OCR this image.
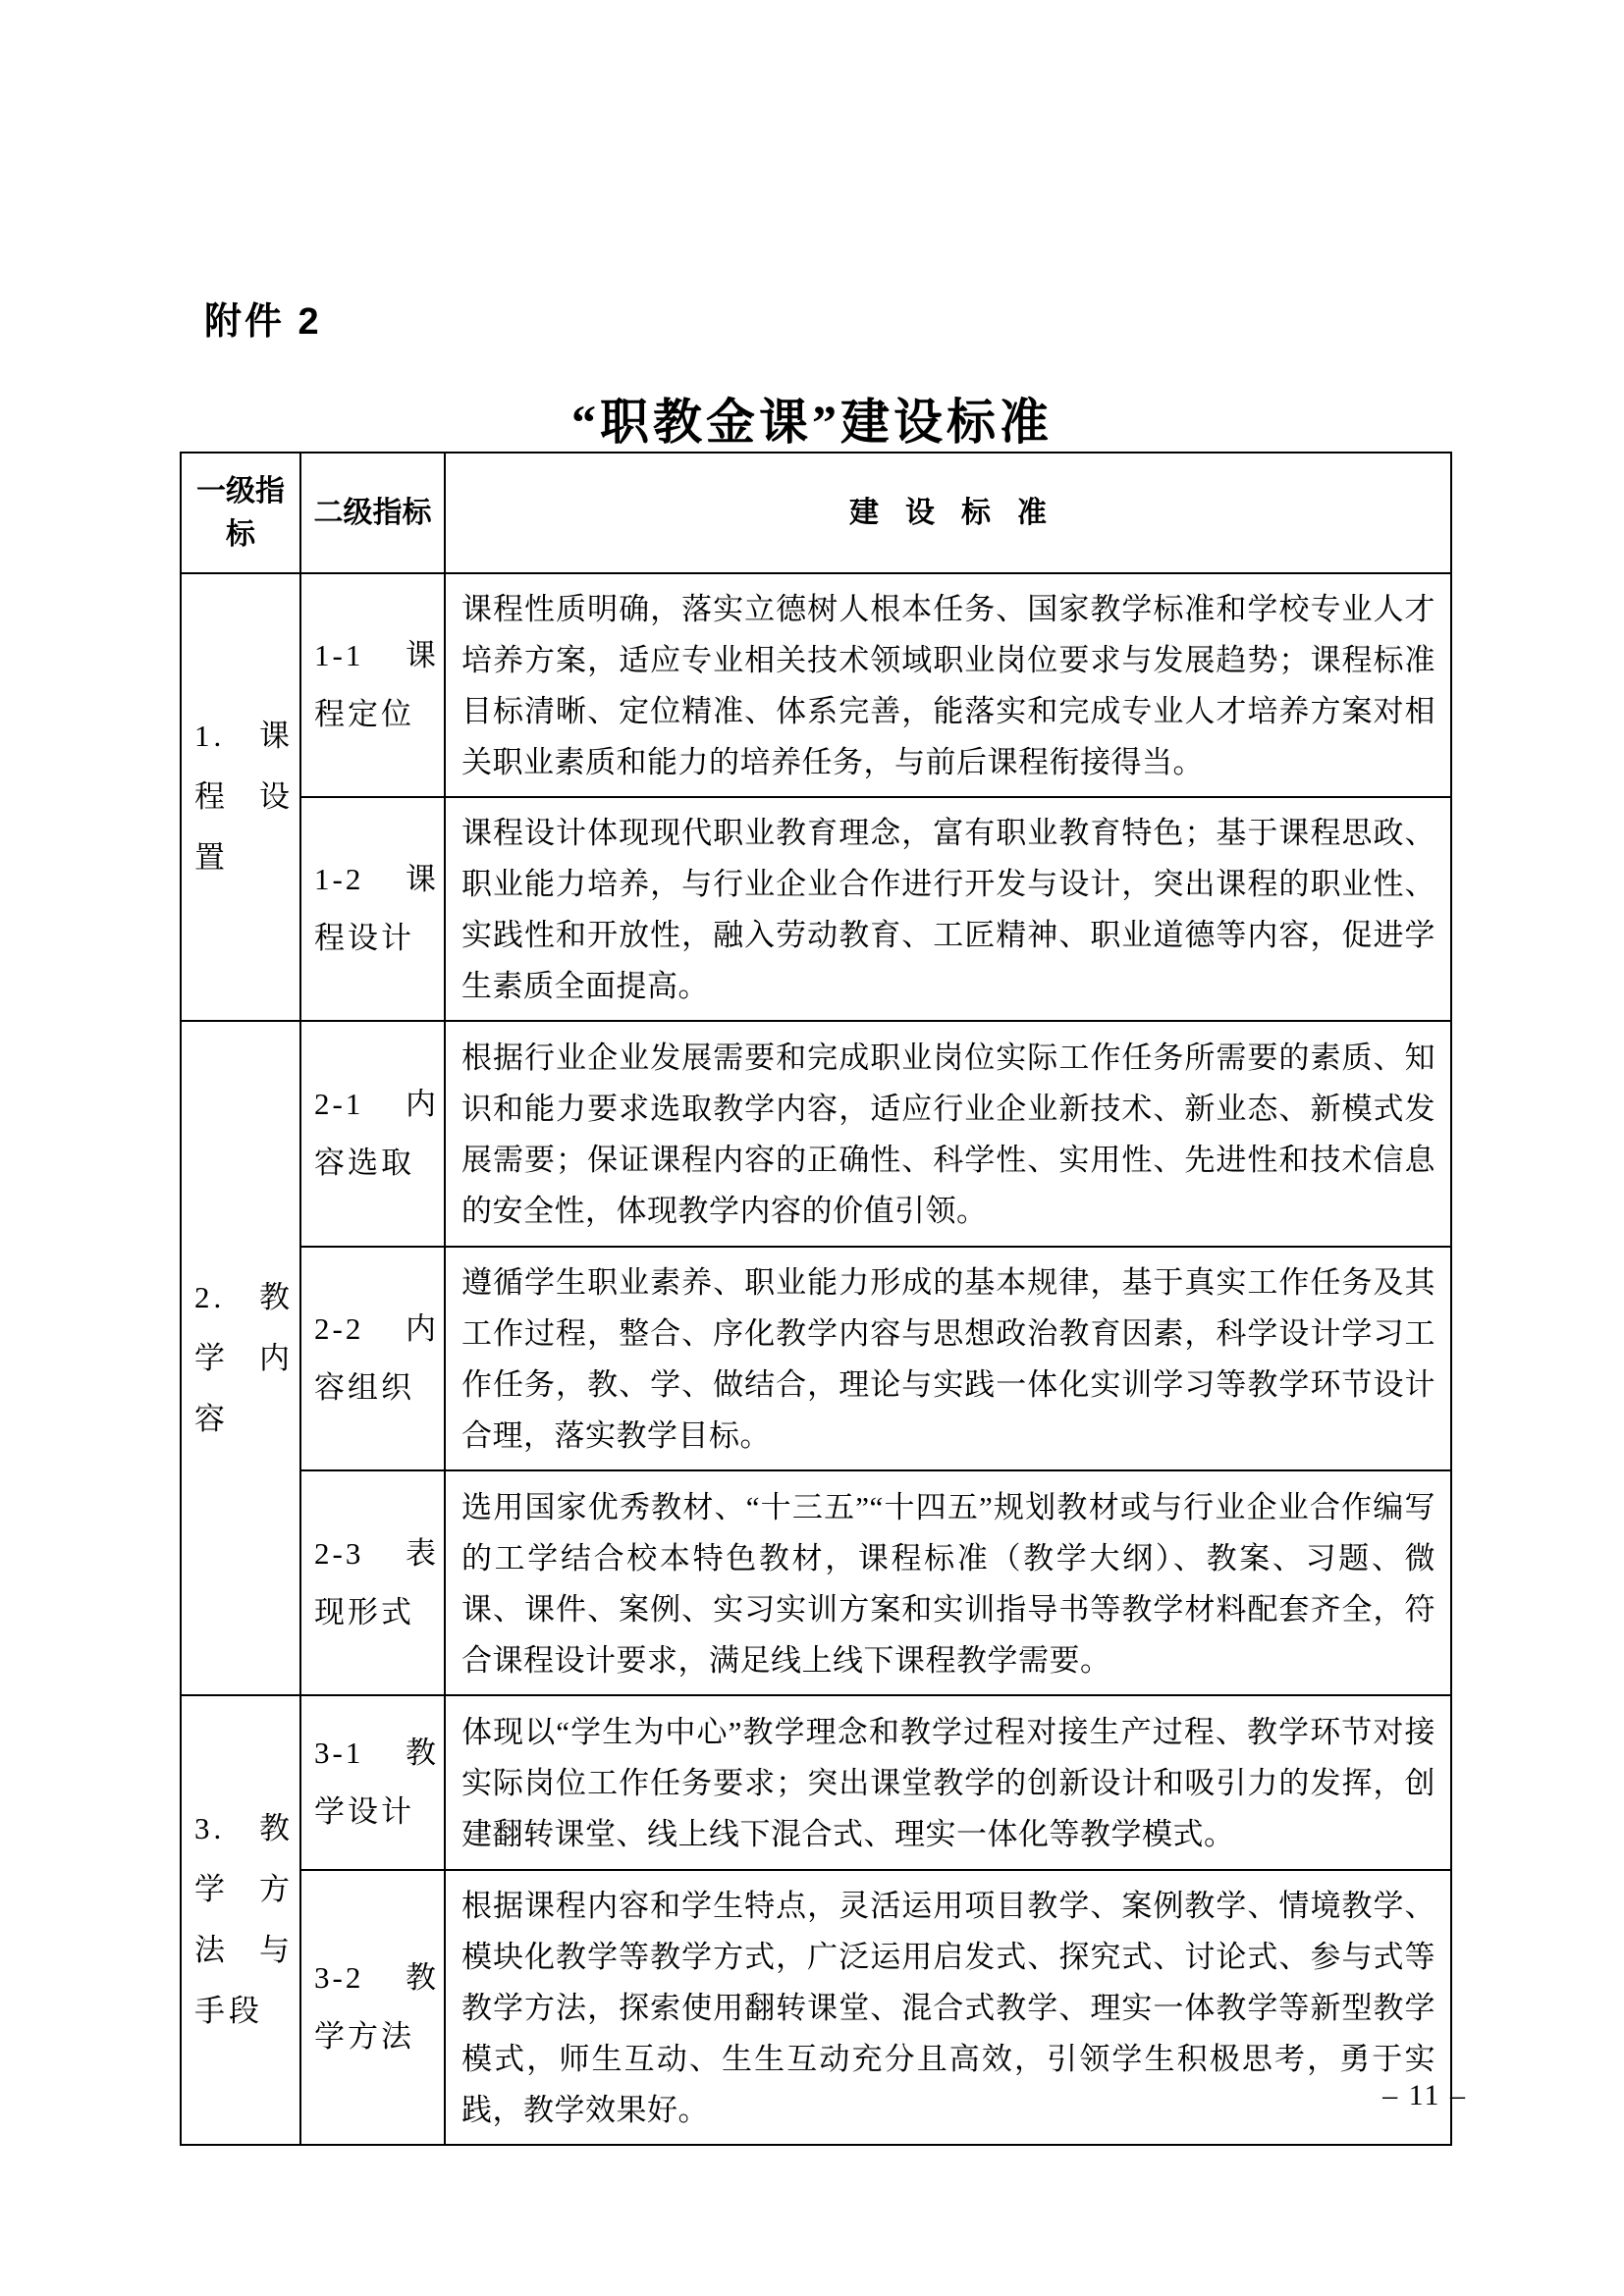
附件 2
“职教金课”建设标准
一级指标	二级指标	建设标准
1.课程设置	1-1 课程定位	课程性质明确，落实立德树人根本任务、国家教学标准和学校专业人才培养方案，适应专业相关技术领域职业岗位要求与发展趋势；课程标准目标清晰、定位精准、体系完善，能落实和完成专业人才培养方案对相关职业素质和能力的培养任务，与前后课程衔接得当。
	1-2 课程设计	课程设计体现现代职业教育理念，富有职业教育特色；基于课程思政、职业能力培养，与行业企业合作进行开发与设计，突出课程的职业性、实践性和开放性，融入劳动教育、工匠精神、职业道德等内容，促进学生素质全面提高。
2.教学内容	2-1 内容选取	根据行业企业发展需要和完成职业岗位实际工作任务所需要的素质、知识和能力要求选取教学内容，适应行业企业新技术、新业态、新模式发展需要；保证课程内容的正确性、科学性、实用性、先进性和技术信息的安全性，体现教学内容的价值引领。
	2-2 内容组织	遵循学生职业素养、职业能力形成的基本规律，基于真实工作任务及其工作过程，整合、序化教学内容与思想政治教育因素，科学设计学习工作任务，教、学、做结合，理论与实践一体化实训学习等教学环节设计合理，落实教学目标。
	2-3 表现形式	选用国家优秀教材、“十三五”“十四五”规划教材或与行业企业合作编写的工学结合校本特色教材，课程标准（教学大纲）、教案、习题、微课、课件、案例、实习实训方案和实训指导书等教学材料配套齐全，符合课程设计要求，满足线上线下课程教学需要。
3.教学方法与手段	3-1 教学设计	体现以“学生为中心”教学理念和教学过程对接生产过程、教学环节对接实际岗位工作任务要求；突出课堂教学的创新设计和吸引力的发挥，创建翻转课堂、线上线下混合式、理实一体化等教学模式。
	3-2 教学方法	根据课程内容和学生特点，灵活运用项目教学、案例教学、情境教学、模块化教学等教学方式，广泛运用启发式、探究式、讨论式、参与式等教学方法，探索使用翻转课堂、混合式教学、理实一体教学等新型教学模式，师生互动、生生互动充分且高效，引领学生积极思考，勇于实践，教学效果好。	– 11 –
